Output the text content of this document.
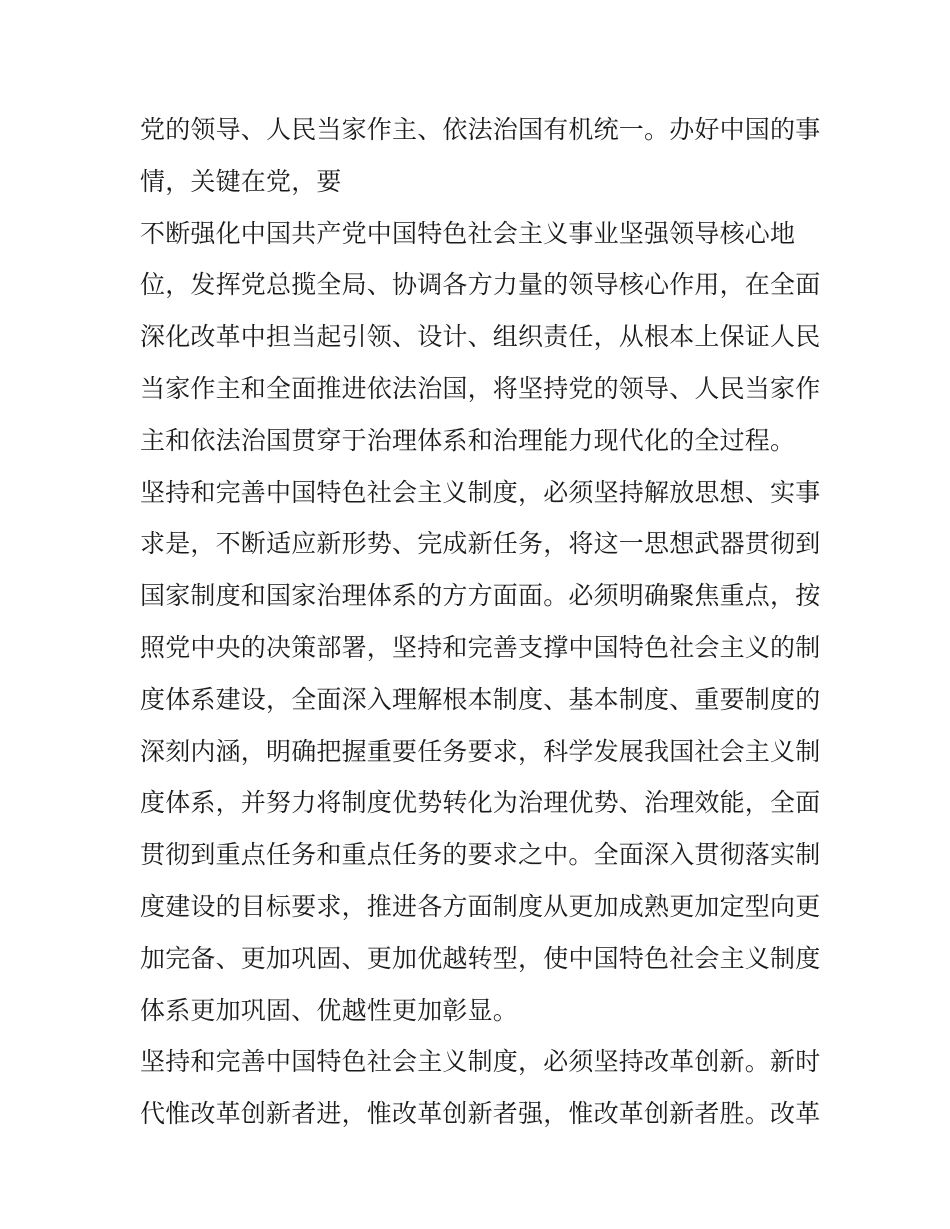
党的领导、人民当家作主、依法治国有机统一。办好中国的事
情，关键在党，要
不断强化中国共产党中国特色社会主义事业坚强领导核心地
位，发挥党总揽全局、协调各方力量的领导核心作用，在全面
深化改革中担当起引领、设计、组织责任，从根本上保证人民
当家作主和全面推进依法治国，将坚持党的领导、人民当家作
主和依法治国贯穿于治理体系和治理能力现代化的全过程。
坚持和完善中国特色社会主义制度，必须坚持解放思想、实事
求是，不断适应新形势、完成新任务，将这一思想武器贯彻到
国家制度和国家治理体系的方方面面。必须明确聚焦重点，按
照党中央的决策部署，坚持和完善支撑中国特色社会主义的制
度体系建设，全面深入理解根本制度、基本制度、重要制度的
深刻内涵，明确把握重要任务要求，科学发展我国社会主义制
度体系，并努力将制度优势转化为治理优势、治理效能，全面
贯彻到重点任务和重点任务的要求之中。全面深入贯彻落实制
度建设的目标要求，推进各方面制度从更加成熟更加定型向更
加完备、更加巩固、更加优越转型，使中国特色社会主义制度
体系更加巩固、优越性更加彰显。
坚持和完善中国特色社会主义制度，必须坚持改革创新。新时
代惟改革创新者进，惟改革创新者强，惟改革创新者胜。改革
